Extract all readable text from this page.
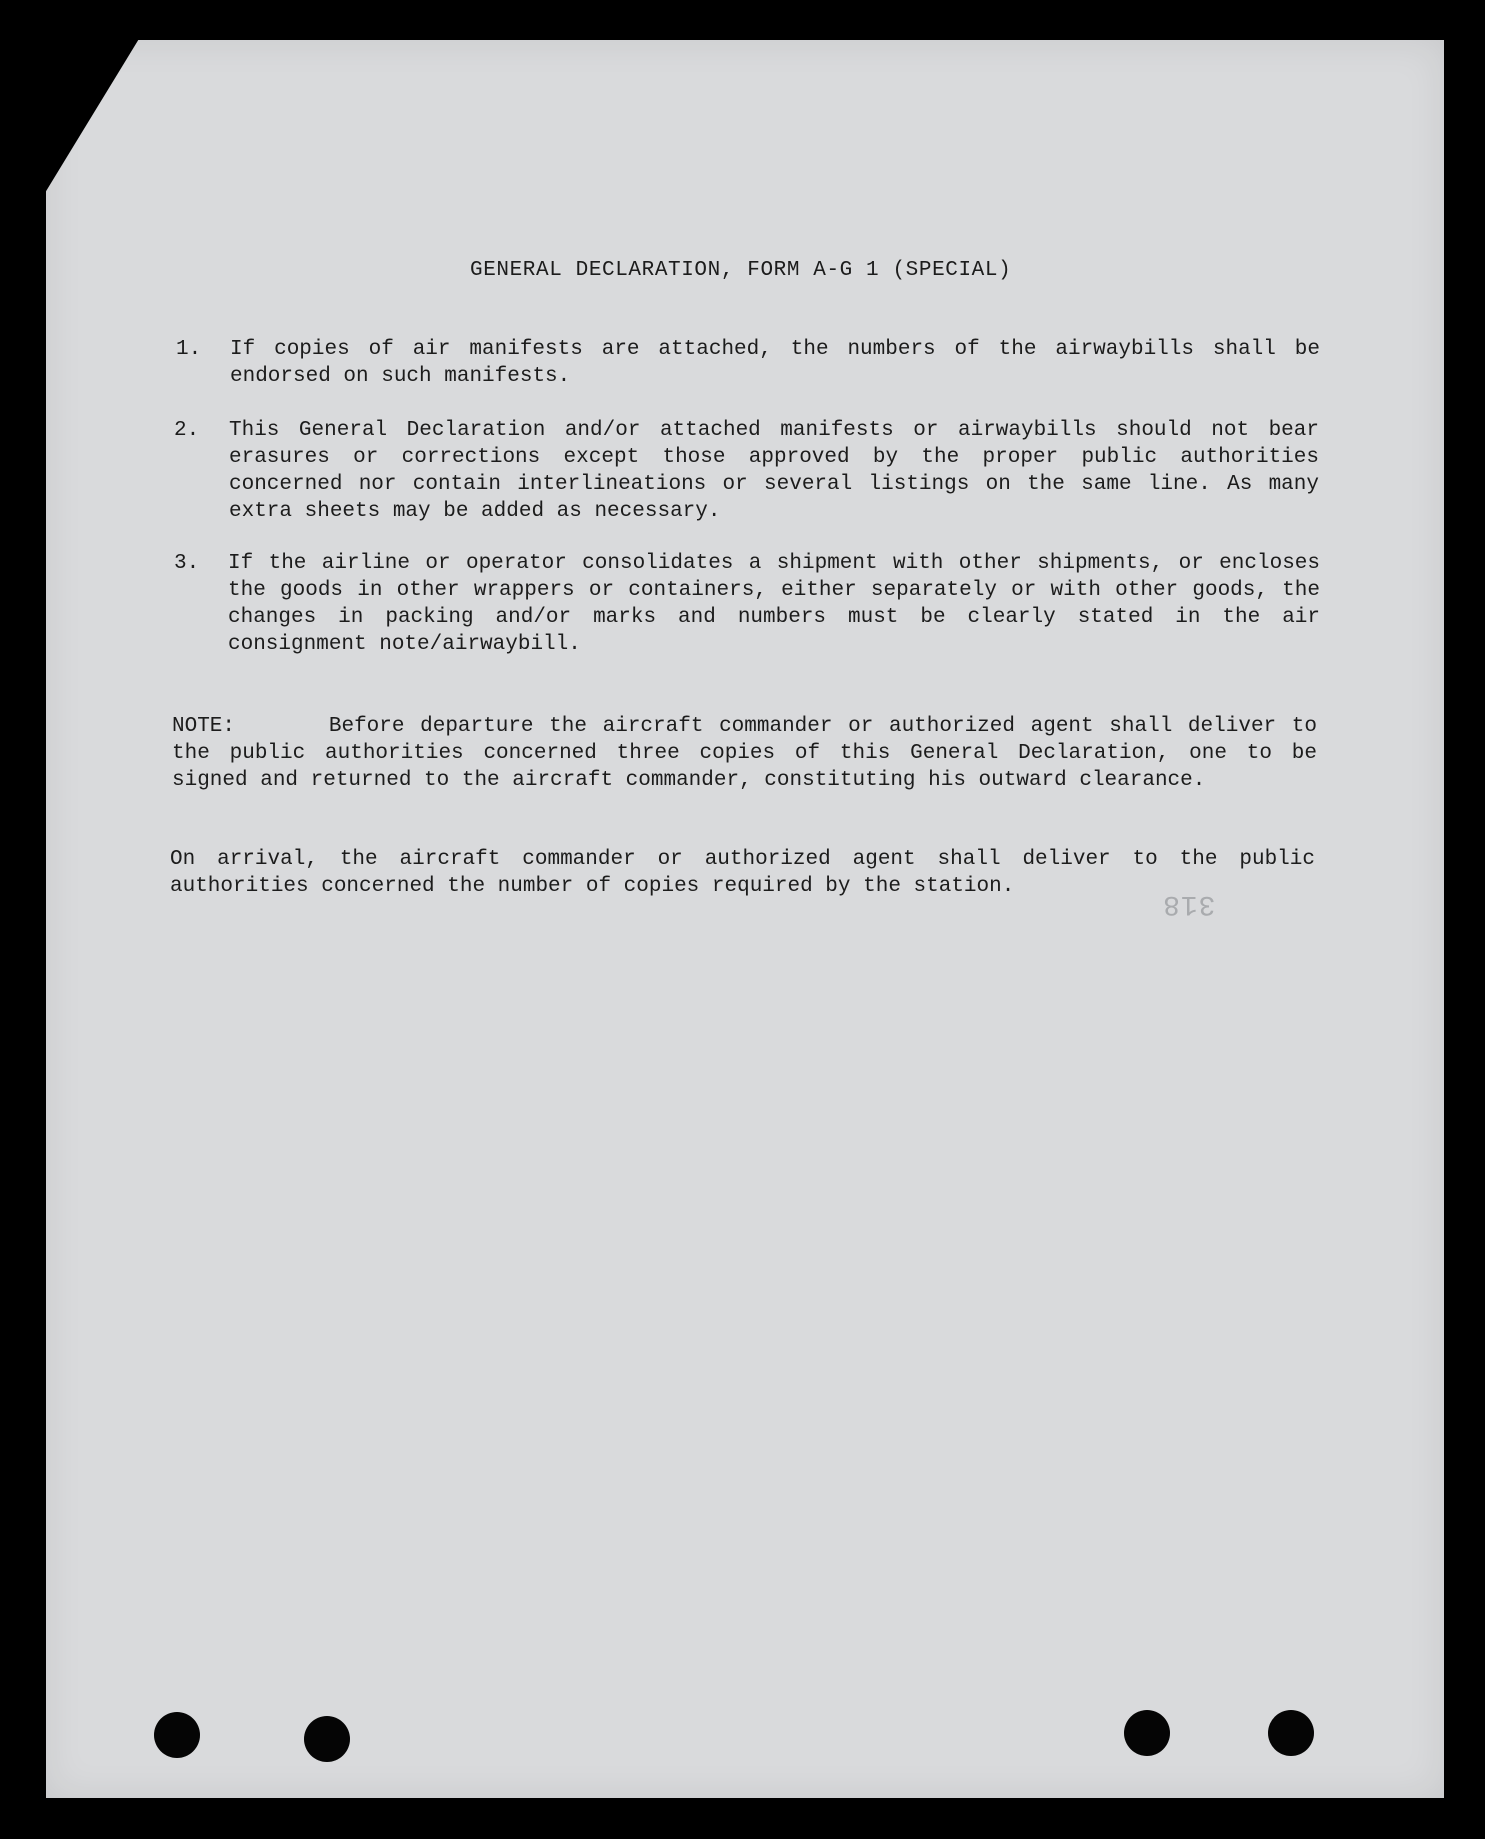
GENERAL DECLARATION, FORM A-G 1 (SPECIAL)
1. If copies of air manifests are attached, the numbers of the airwaybills shall be endorsed on such manifests.
2. This General Declaration and/or attached manifests or airwaybills should not bear erasures or corrections except those approved by the proper public authorities concerned nor contain interlineations or several listings on the same line. As many extra sheets may be added as necessary.
3. If the airline or operator consolidates a shipment with other shipments, or encloses the goods in other wrappers or containers, either separately or with other goods, the changes in packing and/or marks and numbers must be clearly stated in the air consignment note/airwaybill.
NOTE:	Before departure the aircraft commander or authorized agent shall deliver to the public authorities concerned three copies of this General Declaration, one to be signed and returned to the aircraft commander, constituting his outward clearance.
On arrival, the aircraft commander or authorized agent shall deliver to the public authorities concerned the number of copies required by the station.
318
